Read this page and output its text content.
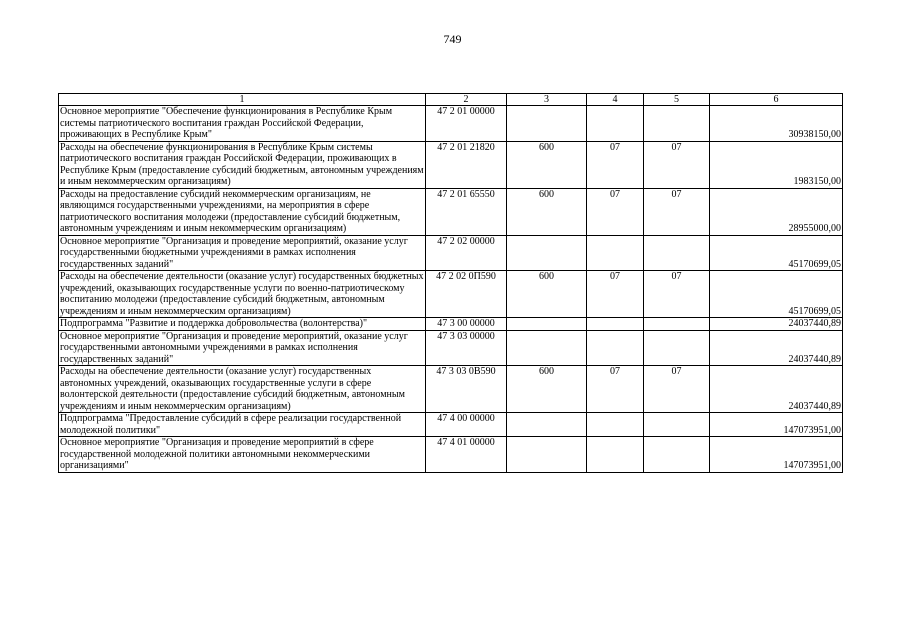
749
1	2	3	4	5	6
Основное мероприятие "Обеспечение функционирования в Республике Крым системы патриотического воспитания граждан Российской Федерации, проживающих в Республике Крым"	47 2 01 00000				30938150,00
Расходы на обеспечение функционирования в Республике Крым системы патриотического воспитания граждан Российской Федерации, проживающих в Республике Крым (предоставление субсидий бюджетным, автономным учреждениям и иным некоммерческим организациям)	47 2 01 21820	600	07	07	1983150,00
Расходы на предоставление субсидий некоммерческим организациям, не являющимся государственными учреждениями, на мероприятия в сфере патриотического воспитания молодежи (предоставление субсидий бюджетным, автономным учреждениям и иным некоммерческим организациям)	47 2 01 65550	600	07	07	28955000,00
Основное мероприятие "Организация и проведение мероприятий, оказание услуг государственными бюджетными учреждениями в рамках исполнения государственных заданий"	47 2 02 00000				45170699,05
Расходы на обеспечение деятельности (оказание услуг) государственных бюджетных учреждений, оказывающих государственные услуги по военно-патриотическому воспитанию молодежи (предоставление субсидий бюджетным, автономным учреждениям и иным некоммерческим организациям)	47 2 02 0П590	600	07	07	45170699,05
Подпрограмма "Развитие и поддержка добровольчества (волонтерства)"	47 3 00 00000				24037440,89
Основное мероприятие "Организация и проведение мероприятий, оказание услуг государственными автономными учреждениями в рамках исполнения государственных заданий"	47 3 03 00000				24037440,89
Расходы на обеспечение деятельности (оказание услуг) государственных автономных учреждений, оказывающих государственные услуги в сфере волонтерской деятельности (предоставление субсидий бюджетным, автономным учреждениям и иным некоммерческим организациям)	47 3 03 0В590	600	07	07	24037440,89
Подпрограмма "Предоставление субсидий в сфере реализации государственной молодежной политики"	47 4 00 00000				147073951,00
Основное мероприятие "Организация и проведение мероприятий в сфере государственной молодежной политики автономными некоммерческими организациями"	47 4 01 00000				147073951,00
